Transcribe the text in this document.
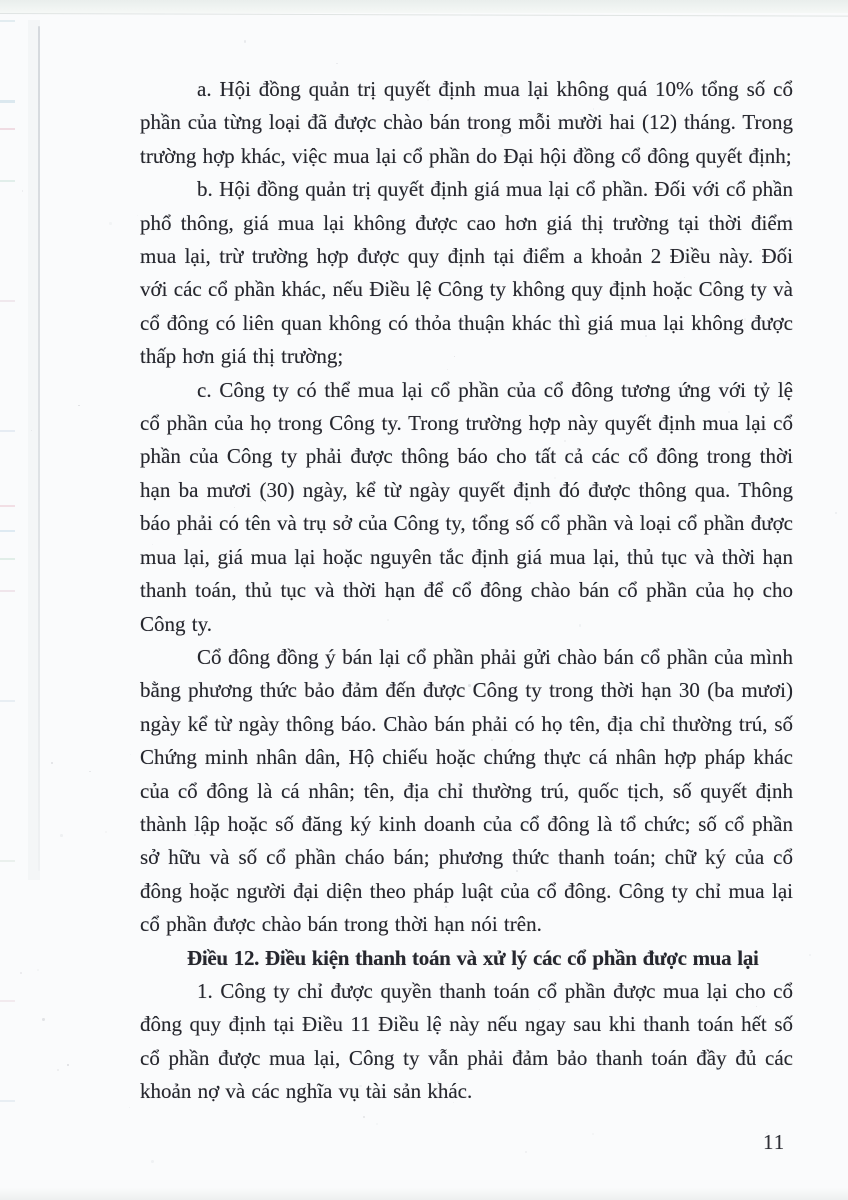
a. Hội đồng quản trị quyết định mua lại không quá 10% tổng số cổ phần của từng loại đã được chào bán trong mỗi mười hai (12) tháng. Trong trường hợp khác, việc mua lại cổ phần do Đại hội đồng cổ đông quyết định;

b. Hội đồng quản trị quyết định giá mua lại cổ phần. Đối với cổ phần phổ thông, giá mua lại không được cao hơn giá thị trường tại thời điểm mua lại, trừ trường hợp được quy định tại điểm a khoản 2 Điều này. Đối với các cổ phần khác, nếu Điều lệ Công ty không quy định hoặc Công ty và cổ đông có liên quan không có thỏa thuận khác thì giá mua lại không được thấp hơn giá thị trường;

c. Công ty có thể mua lại cổ phần của cổ đông tương ứng với tỷ lệ cổ phần của họ trong Công ty. Trong trường hợp này quyết định mua lại cổ phần của Công ty phải được thông báo cho tất cả các cổ đông trong thời hạn ba mươi (30) ngày, kể từ ngày quyết định đó được thông qua. Thông báo phải có tên và trụ sở của Công ty, tổng số cổ phần và loại cổ phần được mua lại, giá mua lại hoặc nguyên tắc định giá mua lại, thủ tục và thời hạn thanh toán, thủ tục và thời hạn để cổ đông chào bán cổ phần của họ cho Công ty.

Cổ đông đồng ý bán lại cổ phần phải gửi chào bán cổ phần của mình bằng phương thức bảo đảm đến được Công ty trong thời hạn 30 (ba mươi) ngày kể từ ngày thông báo. Chào bán phải có họ tên, địa chỉ thường trú, số Chứng minh nhân dân, Hộ chiếu hoặc chứng thực cá nhân hợp pháp khác của cổ đông là cá nhân; tên, địa chỉ thường trú, quốc tịch, số quyết định thành lập hoặc số đăng ký kinh doanh của cổ đông là tổ chức; số cổ phần sở hữu và số cổ phần cháo bán; phương thức thanh toán; chữ ký của cổ đông hoặc người đại diện theo pháp luật của cổ đông. Công ty chỉ mua lại cổ phần được chào bán trong thời hạn nói trên.

Điều 12. Điều kiện thanh toán và xử lý các cổ phần được mua lại

1. Công ty chỉ được quyền thanh toán cổ phần được mua lại cho cổ đông quy định tại Điều 11 Điều lệ này nếu ngay sau khi thanh toán hết số cổ phần được mua lại, Công ty vẫn phải đảm bảo thanh toán đầy đủ các khoản nợ và các nghĩa vụ tài sản khác.

11
